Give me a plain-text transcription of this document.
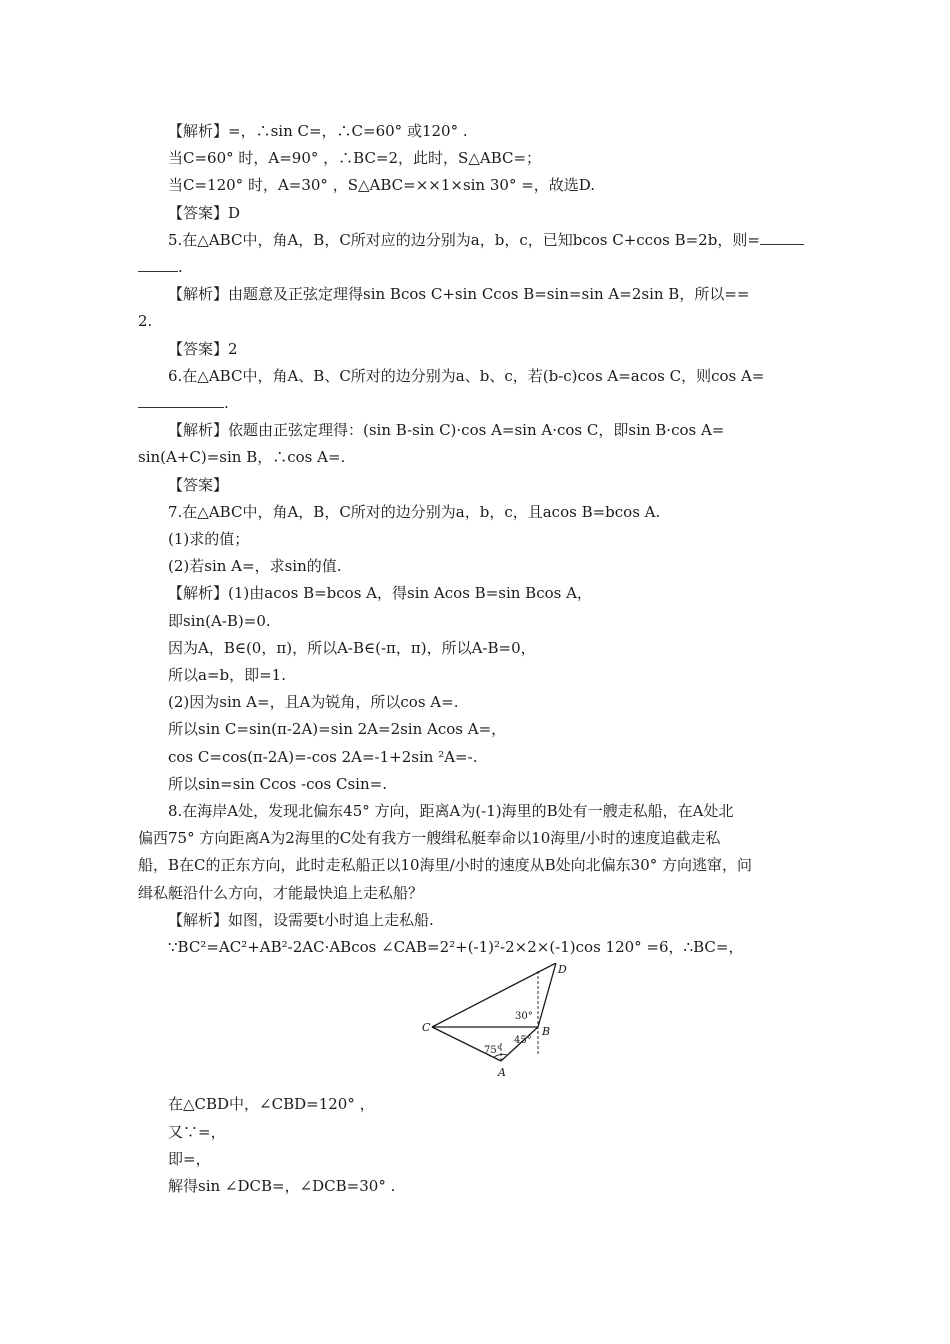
【解析】=，∴sin C=，∴C=60° 或120° .
当C=60° 时，A=90° ，∴BC=2，此时，S△ABC=；
当C=120° 时，A=30° ，S△ABC=××1×sin 30° =，故选D.
【答案】D
5.在△ABC中，角A，B，C所对应的边分别为a，b，c，已知bcos C+ccos B=2b，则=
.
【解析】由题意及正弦定理得sin Bcos C+sin Ccos B=sin=sin A=2sin B，所以==
2.
【答案】2
6.在△ABC中，角A、B、C所对的边分别为a、b、c，若(b-c)cos A=acos C，则cos A=
.
【解析】依题由正弦定理得：(sin B-sin C)·cos A=sin A·cos C，即sin B·cos A=
sin(A+C)=sin B，∴cos A=.
【答案】
7.在△ABC中，角A，B，C所对的边分别为a，b，c，且acos B=bcos A.
(1)求的值；
(2)若sin A=，求sin的值.
【解析】(1)由acos B=bcos A，得sin Acos B=sin Bcos A，
即sin(A-B)=0.
因为A，B∈(0，π)，所以A-B∈(-π，π)，所以A-B=0，
所以a=b，即=1.
(2)因为sin A=，且A为锐角，所以cos A=.
所以sin C=sin(π-2A)=sin 2A=2sin Acos A=，
cos C=cos(π-2A)=-cos 2A=-1+2sin ²A=-.
所以sin=sin Ccos -cos Csin=.
8.在海岸A处，发现北偏东45° 方向，距离A为(-1)海里的B处有一艘走私船，在A处北
偏西75° 方向距离A为2海里的C处有我方一艘缉私艇奉命以10海里/小时的速度追截走私
船，B在C的正东方向，此时走私船正以10海里/小时的速度从B处向北偏东30° 方向逃窜，问
缉私艇沿什么方向，才能最快追上走私船？
【解析】如图，设需要t小时追上走私船.
∵BC²=AC²+AB²-2AC·ABcos ∠CAB=2²+(-1)²-2×2×(-1)cos 120° =6，∴BC=，
D
C	B
A
30°
45°
75°
在△CBD中，∠CBD=120° ，
又∵=，
即=，
解得sin ∠DCB=，∠DCB=30° .
